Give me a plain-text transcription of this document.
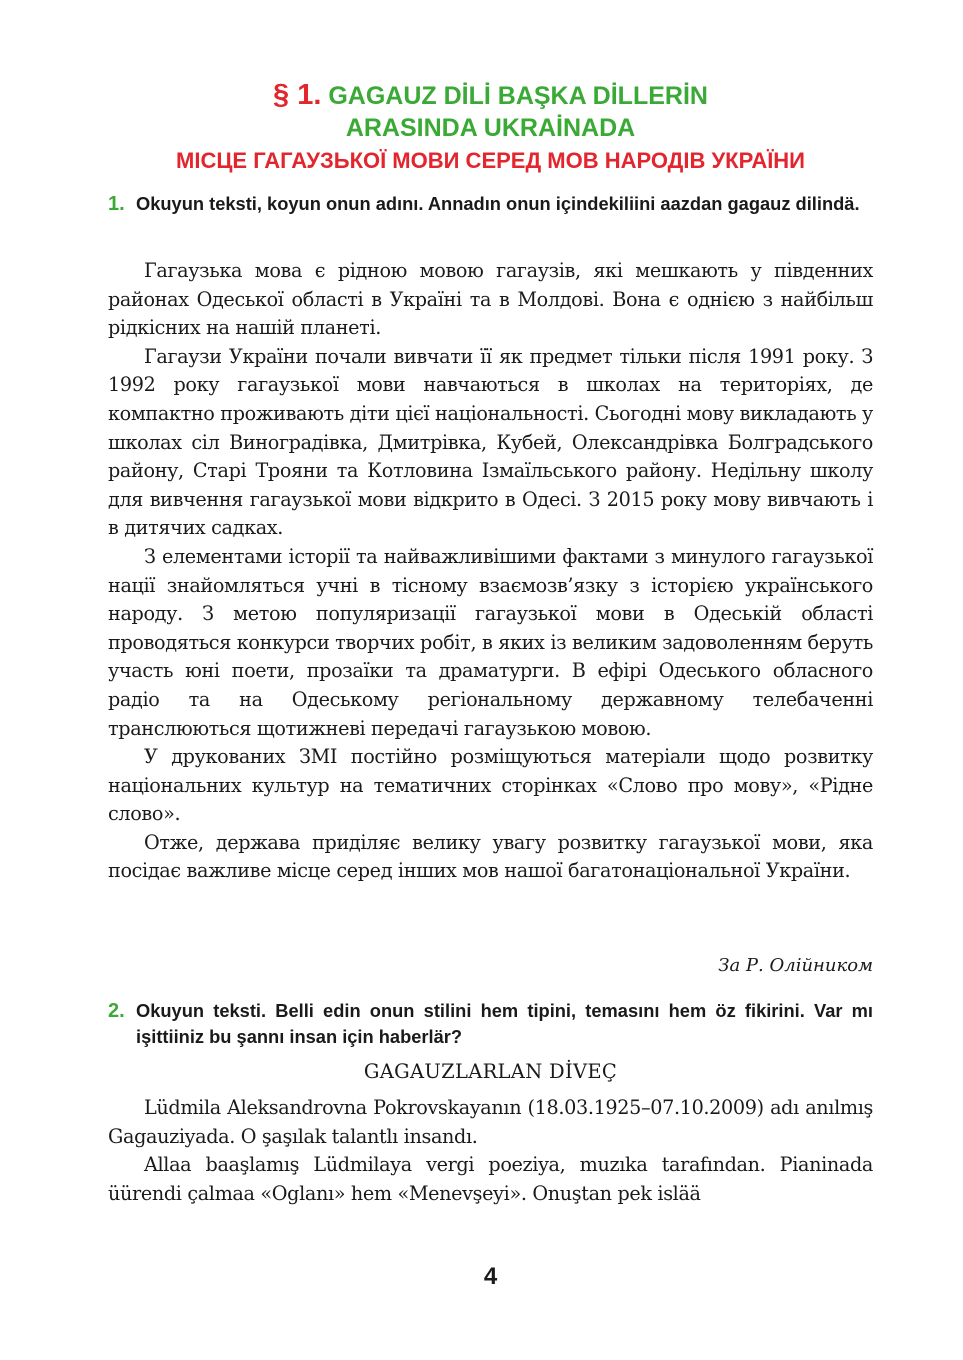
§ 1. GAGAUZ DİLİ BAŞKA DİLLERİN
ARASINDA UKRAİNADA
МІСЦЕ ГАГАУЗЬКОЇ МОВИ СЕРЕД МОВ НАРОДІВ УКРАЇНИ
1. Okuyun teksti, koyun onun adını. Annadın onun içindekiliini aazdan gagauz dilindä.

Гагаузька мова є рідною мовою гагаузів, які мешкають у південних районах Одеської області в Україні та в Молдові. Вона є однією з найбільш рідкісних на нашій планеті.

Гагаузи України почали вивчати її як предмет тільки після 1991 року. З 1992 року гагаузької мови навчаються в школах на територіях, де компактно проживають діти цієї національності. Сьогодні мову викладають у школах сіл Виноградівка, Дмитрівка, Кубей, Олександрівка Болградського району, Старі Трояни та Котловина Ізмаїльського району. Недільну школу для вивчення гагаузької мови відкрито в Одесі. З 2015 року мову вивчають і в дитячих садках.

З елементами історії та найважливішими фактами з минулого гагаузької нації знайомляться учні в тісному взаємозв’язку з історією українського народу. З метою популяризації гагаузької мови в Одеській області проводяться конкурси творчих робіт, в яких із великим задоволенням беруть участь юні поети, прозаїки та драматурги. В ефірі Одеського обласного радіо та на Одеському регіональному державному телебаченні транслюються щотижневі передачі гагаузькою мовою.

У друкованих ЗМІ постійно розміщуються матеріали щодо розвитку національних культур на тематичних сторінках «Слово про мову», «Рідне слово».

Отже, держава приділяє велику увагу розвитку гагаузької мови, яка посідає важливе місце серед інших мов нашої багатонаціональної України.

За Р. Олійником
2. Okuyun teksti. Belli edin onun stilini hem tipini, temasını hem öz fikirini. Var mı işittiiniz bu şannı insan için haberlär?
GAGAUZLARLAN DİVEÇ

Lüdmila Aleksandrovna Pokrovskayanın (18.03.1925–07.10.2009) adı anılmış Gagauziyada. O şaşılak talantlı insandı.

Allaa baaşlamış Lüdmilaya vergi poeziya, muzıka tarafından. Pianinada üürendi çalmaa «Oglanı» hem «Menevşeyi». Onuştan pek islää

4
